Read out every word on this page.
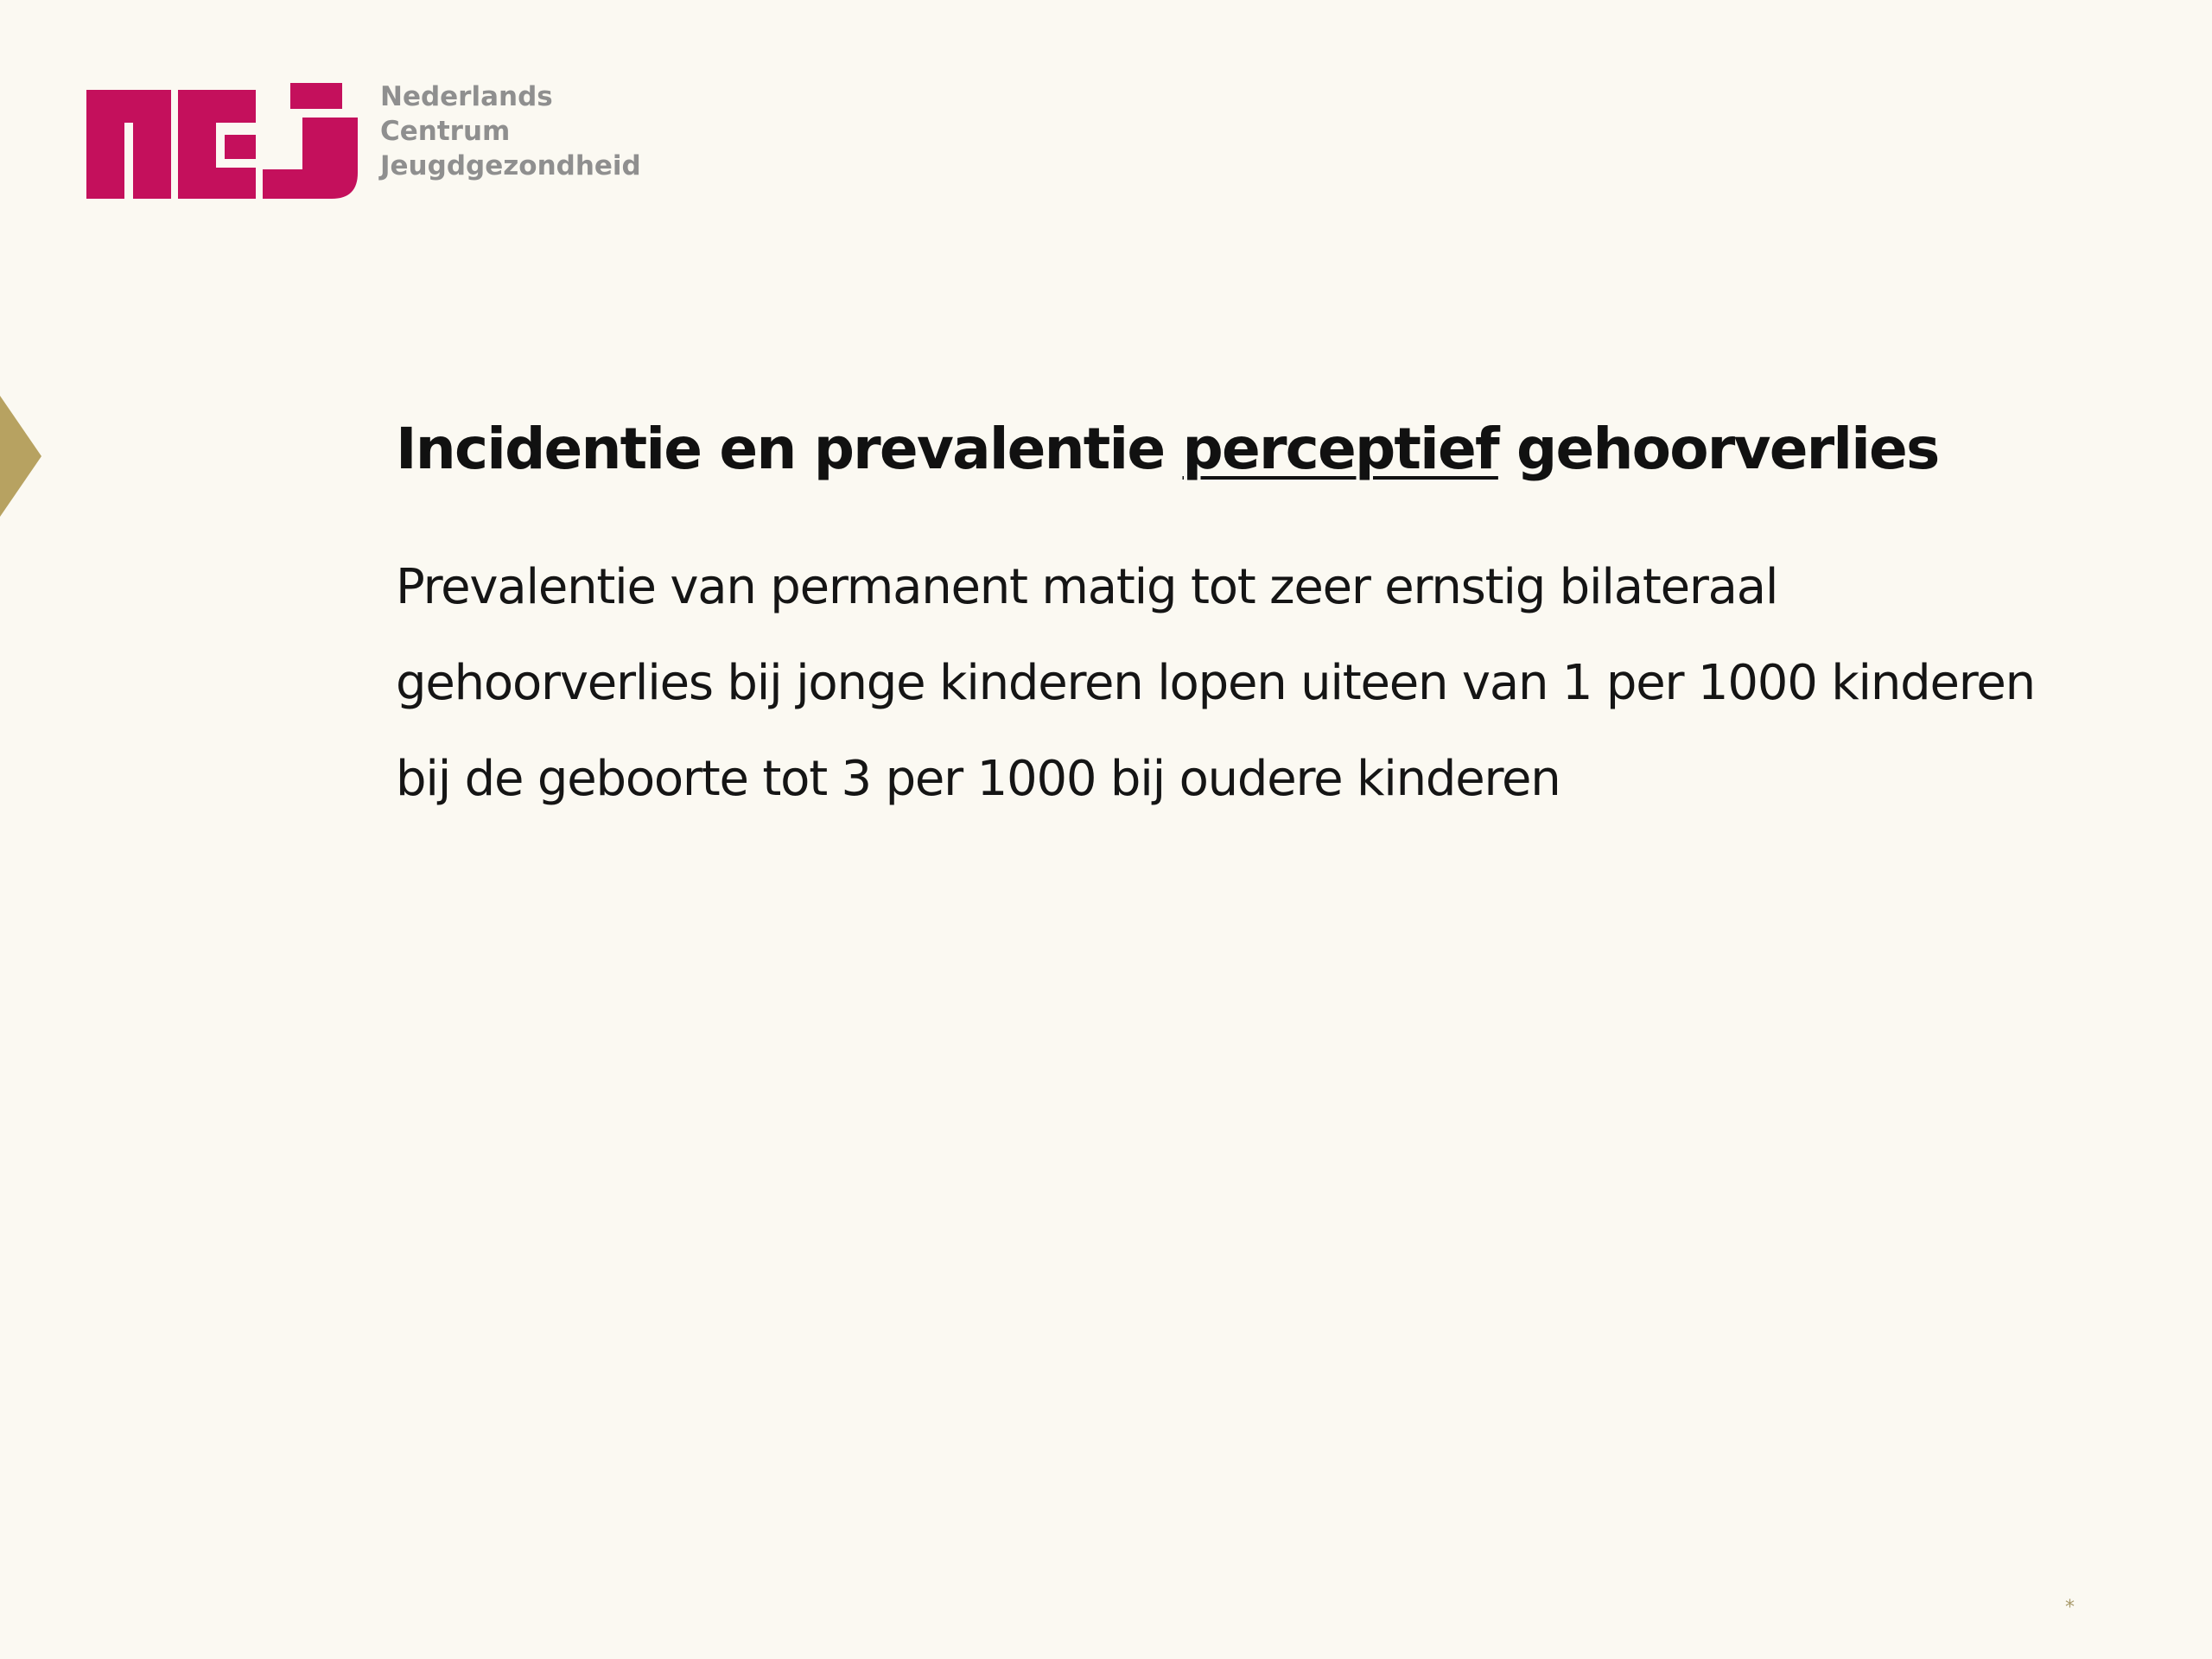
Nederlands
Centrum
Jeugdgezondheid
Incidentie en prevalentie perceptief gehoorverlies
Prevalentie van permanent matig tot zeer ernstig bilateraal
gehoorverlies bij jonge kinderen lopen uiteen van 1 per 1000 kinderen
bij de geboorte tot 3 per 1000 bij oudere kinderen
*
